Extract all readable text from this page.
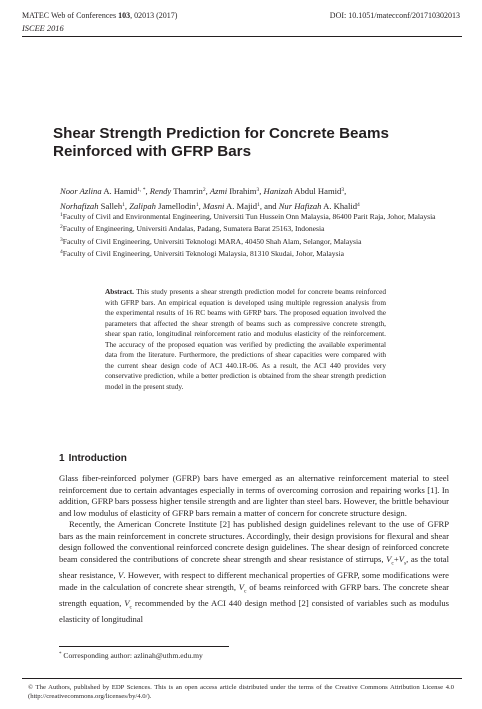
MATEC Web of Conferences 103, 02013 (2017)	DOI: 10.1051/matecconf/201710302013
ISCEE 2016
Shear Strength Prediction for Concrete Beams
Reinforced with GFRP Bars
Noor Azlina A. Hamid$^{1, *}$, Rendy Thamrin$^2$, Azmi Ibrahim$^3$, Hanizah Abdul Hamid$^3$,
Norhafizah Salleh$^1$, Zalipah Jamellodin$^1$, Masni A. Majid$^1$, and Nur Hafizah A. Khalid$^4$

$^1$Faculty of Civil and Environmental Engineering, Universiti Tun Hussein Onn Malaysia, 86400 Parit Raja, Johor, Malaysia

$^2$Faculty of Engineering, Universiti Andalas, Padang, Sumatera Barat 25163, Indonesia

$^3$Faculty of Civil Engineering, Universiti Teknologi MARA, 40450 Shah Alam, Selangor, Malaysia

$^4$Faculty of Civil Engineering, Universiti Teknologi Malaysia, 81310 Skudai, Johor, Malaysia

Abstract. This study presents a shear strength prediction model for concrete beams reinforced with GFRP bars. An empirical equation is developed using multiple regression analysis from the experimental results of 16 RC beams with GFRP bars. The proposed equation involved the parameters that affected the shear strength of beams such as compressive concrete strength, shear span ratio, longitudinal reinforcement ratio and modulus elasticity of the reinforcement. The accuracy of the proposed equation was verified by predicting the available experimental data from the literature. Furthermore, the predictions of shear capacities were compared with the current shear design code of ACI 440.1R-06. As a result, the ACI 440 provides very conservative prediction, while a better prediction is obtained from the shear strength prediction model in the present study.
1 Introduction

Glass fiber-reinforced polymer (GFRP) bars have emerged as an alternative reinforcement material to steel reinforcement due to certain advantages especially in terms of overcoming corrosion and repairing works [1]. In addition, GFRP bars possess higher tensile strength and are lighter than steel bars. However, the brittle behaviour and low modulus of elasticity of GFRP bars remain a matter of concern for concrete structure design.

Recently, the American Concrete Institute [2] has published design guidelines relevant to the use of GFRP bars as the main reinforcement in concrete structures. Accordingly, their design provisions for flexural and shear design followed the conventional reinforced concrete design guidelines. The shear design of reinforced concrete beam considered the contributions of concrete shear strength and shear resistance of stirrups, $V_c+V_s$, as the total shear resistance, V. However, with respect to different mechanical properties of GFRP, some modifications were made in the calculation of concrete shear strength, $V_c$ of beams reinforced with GFRP bars. The concrete shear strength equation, $V_c$ recommended by the ACI 440 design method [2] consisted of variables such as modulus elasticity of longitudinal

* Corresponding author: azlinah@uthm.edu.my
© The Authors, published by EDP Sciences. This is an open access article distributed under the terms of the Creative Commons Attribution License 4.0 (http://creativecommons.org/licenses/by/4.0/).
